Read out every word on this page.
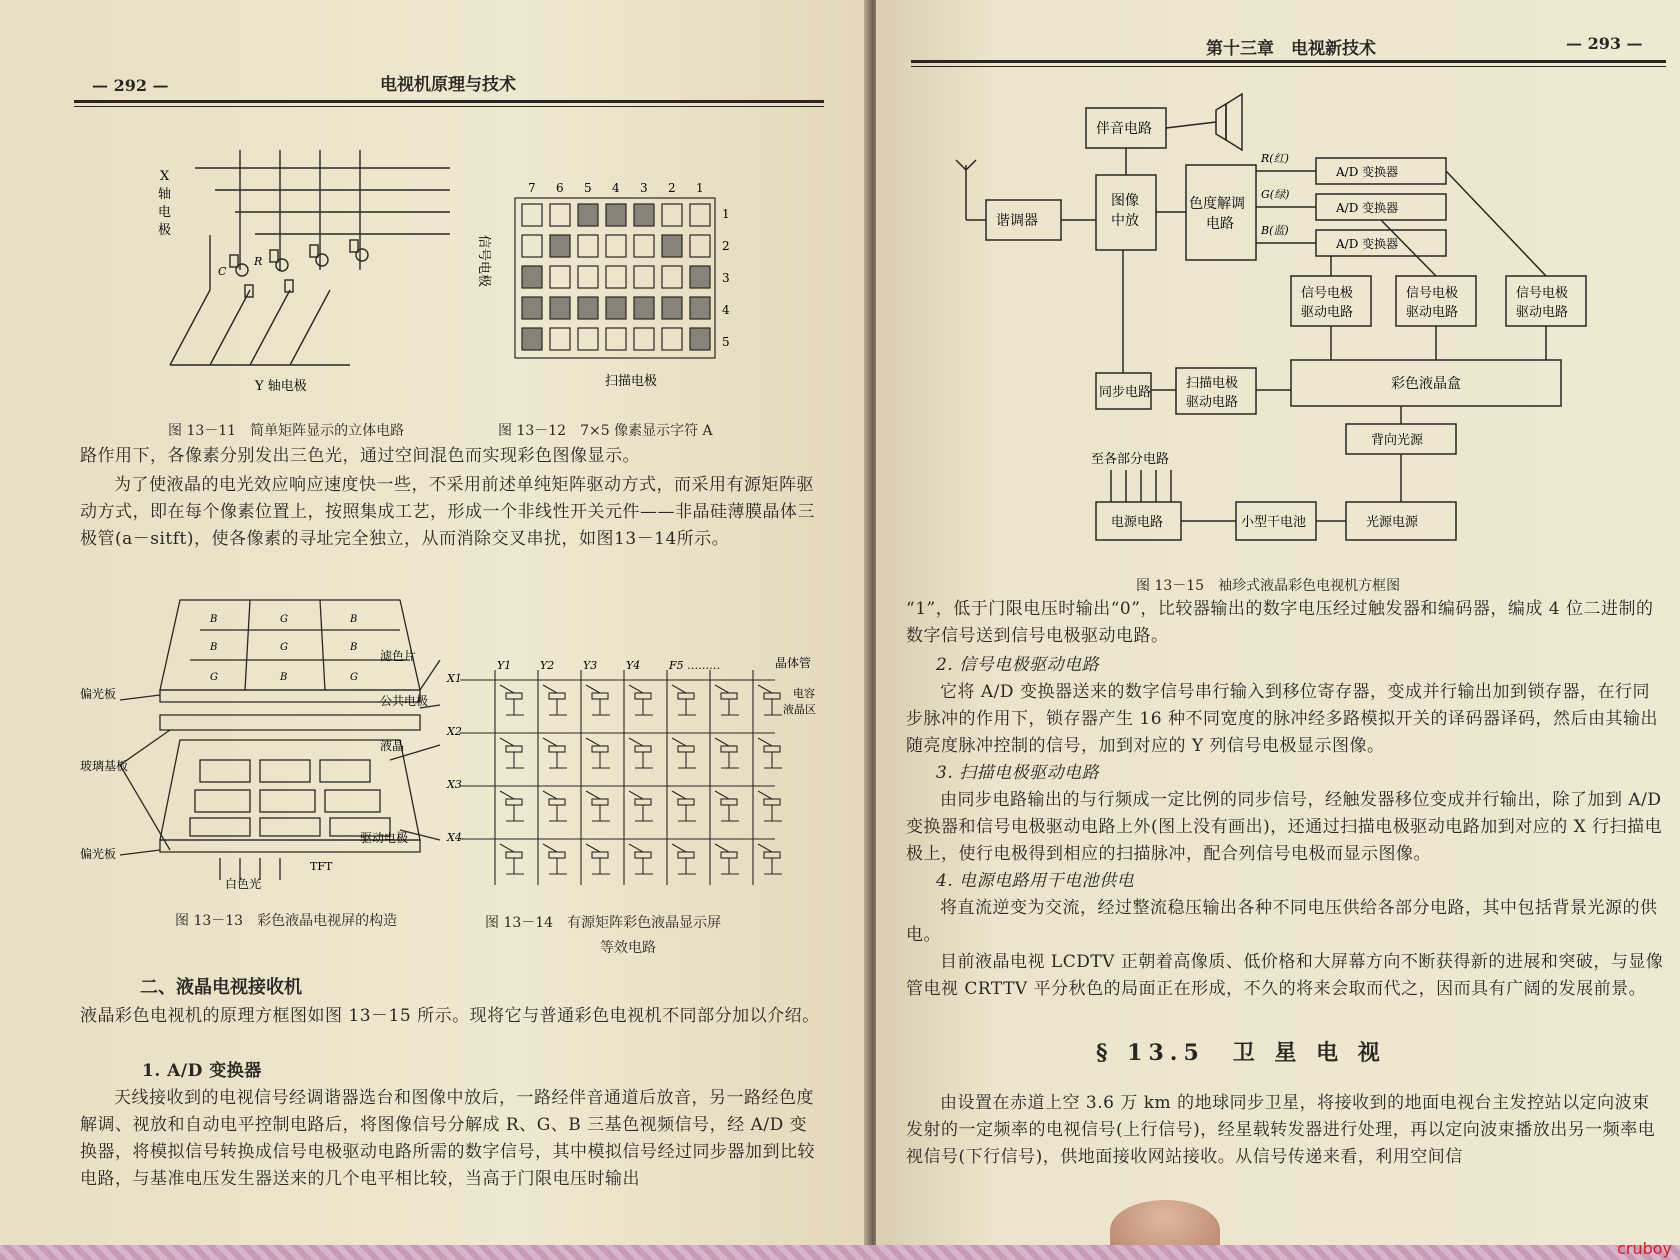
— 292 —	电视机原理与技术
X
轴
电
极
C
R
Y 轴电极
图 13－11　简单矩阵显示的立体电路
信号电极
7 6 5 4 3 2 1
1
2
3
4
5
扫描电极
图 13－12　7×5 像素显示字符 A

路作用下，各像素分别发出三色光，通过空间混色而实现彩色图像显示。

为了使液晶的电光效应响应速度快一些，不采用前述单纯矩阵驱动方式，而采用有源矩阵驱动方式，即在每个像素位置上，按照集成工艺，形成一个非线性开关元件——非晶硅薄膜晶体三极管(a－sitft)，使各像素的寻址完全独立，从而消除交叉串扰，如图13－14所示。

B	G	B
B	G	B
G	B	G
偏光板
玻璃基板
偏光板
滤色片
公共电极
液晶
驱动电极
白色光
TFT
图 13－13　彩色液晶电视屏的构造
Y1	Y2	Y3	Y4	F5 ………
X1
X2
X3
X4
晶体管
电容
液晶区
图 13－14　有源矩阵彩色液晶显示屏
等效电路
二、液晶电视接收机

液晶彩色电视机的原理方框图如图 13－15 所示。现将它与普通彩色电视机不同部分加以介绍。

1. A/D 变换器

天线接收到的电视信号经调谐器选台和图像中放后，一路经伴音通道后放音，另一路经色度解调、视放和自动电平控制电路后，将图像信号分解成 R、G、B 三基色视频信号，经 A/D 变换器，将模拟信号转换成信号电极驱动电路所需的数字信号，其中模拟信号经过同步器加到比较电路，与基准电压发生器送来的几个电平相比较，当高于门限电压时输出

第十三章　电视新技术	— 293 —
伴音电路
谐调器
图像
中放
色度解调
电路
R(红)
G(绿)
B(蓝)
A/D 变换器
A/D 变换器
A/D 变换器
信号电极
驱动电路
信号电极
驱动电路
信号电极
驱动电路
同步电路
扫描电极
驱动电路
彩色液晶盒
背向光源
电源电路	小型干电池	光源电源
至各部分电路
图 13－15　袖珍式液晶彩色电视机方框图

“1”，低于门限电压时输出“0”，比较器输出的数字电压经过触发器和编码器，编成 4 位二进制的数字信号送到信号电极驱动电路。

2. 信号电极驱动电路

它将 A/D 变换器送来的数字信号串行输入到移位寄存器，变成并行输出加到锁存器，在行同步脉冲的作用下，锁存器产生 16 种不同宽度的脉冲经多路模拟开关的译码器译码，然后由其输出随亮度脉冲控制的信号，加到对应的 Y 列信号电极显示图像。

3. 扫描电极驱动电路

由同步电路输出的与行频成一定比例的同步信号，经触发器移位变成并行输出，除了加到 A/D 变换器和信号电极驱动电路上外(图上没有画出)，还通过扫描电极驱动电路加到对应的 X 行扫描电极上，使行电极得到相应的扫描脉冲，配合列信号电极而显示图像。

4. 电源电路用干电池供电

将直流逆变为交流，经过整流稳压输出各种不同电压供给各部分电路，其中包括背景光源的供电。

目前液晶电视 LCDTV 正朝着高像质、低价格和大屏幕方向不断获得新的进展和突破，与显像管电视 CRTTV 平分秋色的局面正在形成，不久的将来会取而代之，因而具有广阔的发展前景。

§ 13.5　卫 星 电 视

由设置在赤道上空 3.6 万 km 的地球同步卫星，将接收到的地面电视台主发控站以定向波束发射的一定频率的电视信号(上行信号)，经星载转发器进行处理，再以定向波束播放出另一频率电视信号(下行信号)，供地面接收网站接收。从信号传递来看，利用空间信

cruboy
